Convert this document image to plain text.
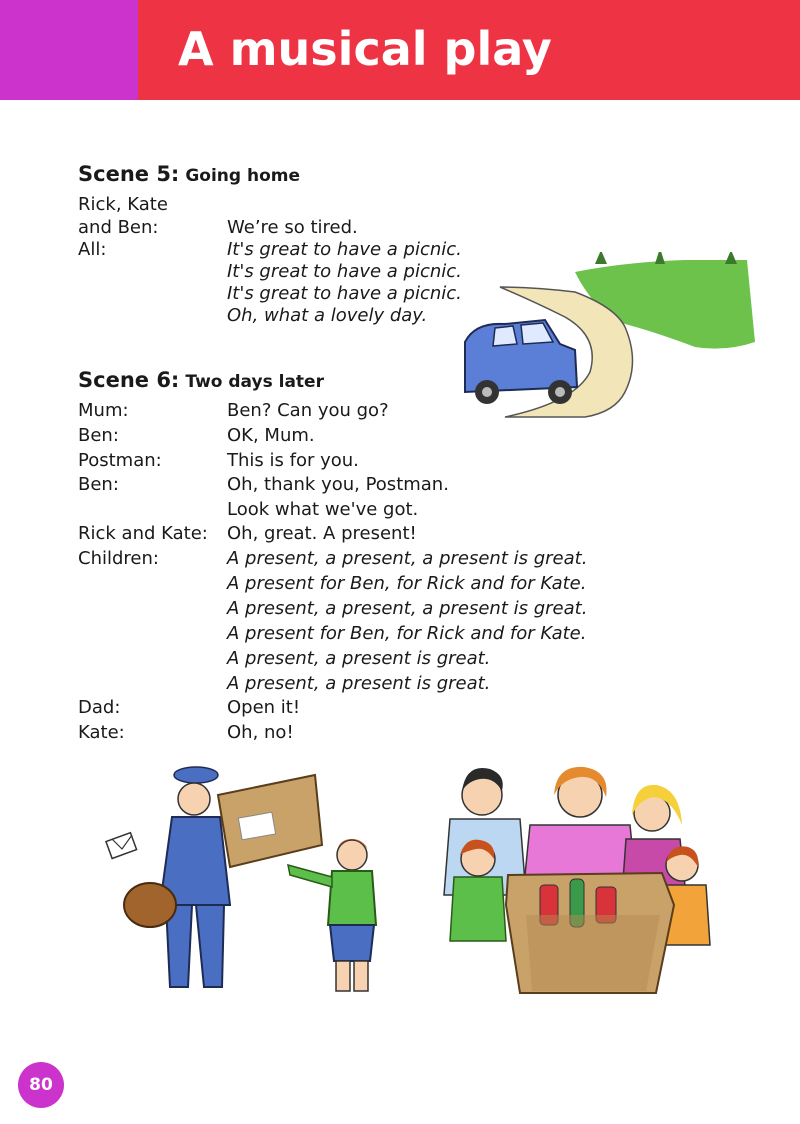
A musical play
Scene 5: Going home
Rick, Kate
and Ben:	We’re so tired.
All:	It's great to have a picnic.
It's great to have a picnic.
It's great to have a picnic.
Oh, what a lovely day.
Scene 6: Two days later
Mum:	Ben? Can you go?
Ben:	OK, Mum.
Postman:	This is for you.
Ben:	Oh, thank you, Postman.
Look what we've got.
Rick and Kate: Oh, great. A present!
Children:	A present, a present, a present is great.
A present for Ben, for Rick and for Kate.
A present, a present, a present is great.
A present for Ben, for Rick and for Kate.
A present, a present is great.
A present, a present is great.
Dad:	Open it!
Kate:	Oh, no!
80
